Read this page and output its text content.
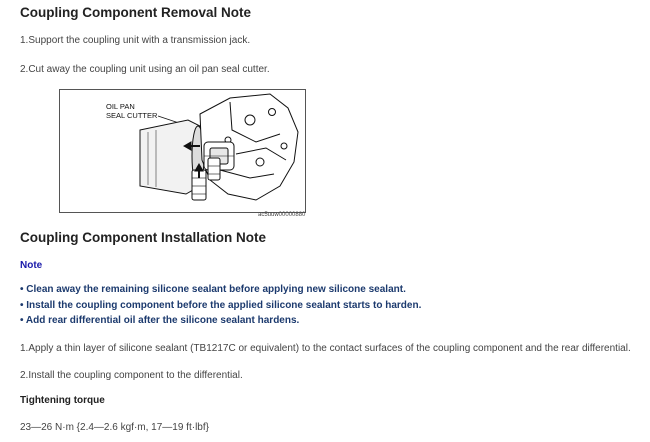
Coupling Component Removal Note

1.Support the coupling unit with a transmission jack.

2.Cut away the coupling unit using an oil pan seal cutter.

OIL PAN
SEAL CUTTER
ac5uuw00000880
Coupling Component Installation Note

Note

• Clean away the remaining silicone sealant before applying new silicone sealant.
• Install the coupling component before the applied silicone sealant starts to harden.
• Add rear differential oil after the silicone sealant hardens.

1.Apply a thin layer of silicone sealant (TB1217C or equivalent) to the contact surfaces of the coupling component and the rear differential.

2.Install the coupling component to the differential.

Tightening torque

23—26 N·m {2.4—2.6 kgf·m, 17—19 ft·lbf}
